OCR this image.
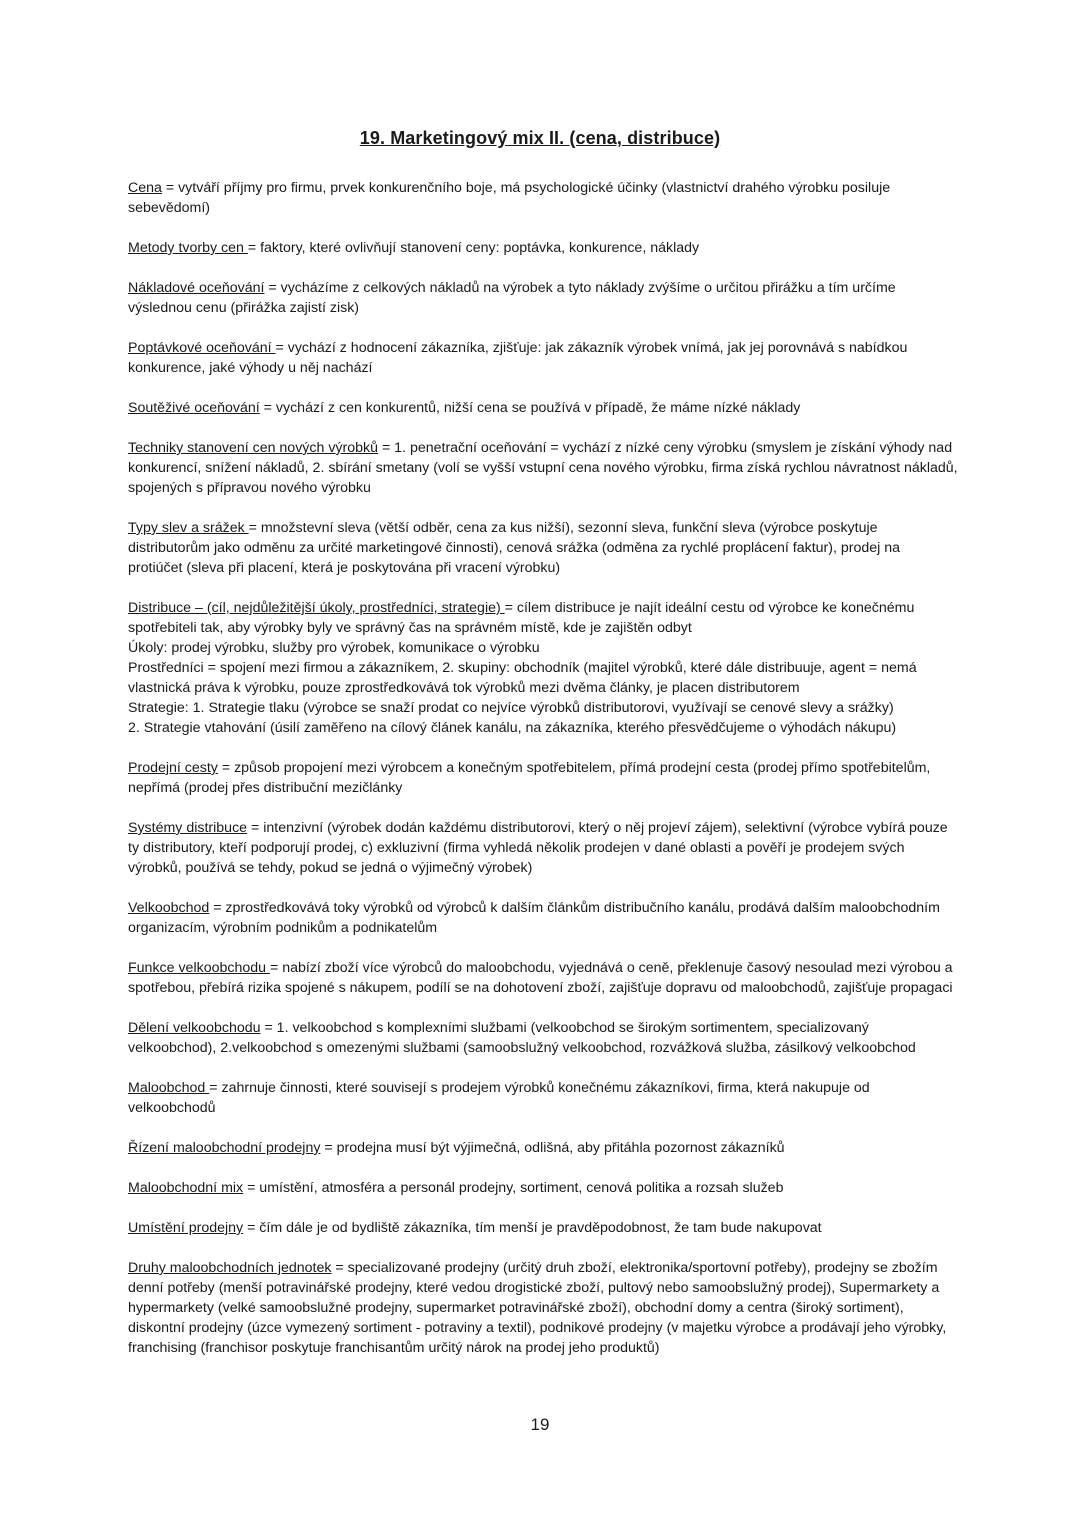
19. Marketingový mix II. (cena, distribuce)

Cena = vytváří příjmy pro firmu, prvek konkurenčního boje, má psychologické účinky (vlastnictví drahého výrobku posiluje sebevědomí)

Metody tvorby cen = faktory, které ovlivňují stanovení ceny: poptávka, konkurence, náklady

Nákladové oceňování = vycházíme z celkových nákladů na výrobek a tyto náklady zvýšíme o určitou přirážku a tím určíme výslednou cenu (přirážka zajistí zisk)

Poptávkové oceňování = vychází z hodnocení zákazníka, zjišťuje: jak zákazník výrobek vnímá, jak jej porovnává s nabídkou konkurence, jaké výhody u něj nachází

Soutěživé oceňování = vychází z cen konkurentů, nižší cena se používá v případě, že máme nízké náklady

Techniky stanovení cen nových výrobků = 1. penetrační oceňování = vychází z nízké ceny výrobku (smyslem je získání výhody nad konkurencí, snížení nákladů, 2. sbírání smetany (volí se vyšší vstupní cena nového výrobku, firma získá rychlou návratnost nákladů, spojených s přípravou nového výrobku

Typy slev a srážek = množstevní sleva (větší odběr, cena za kus nižší), sezonní sleva, funkční sleva (výrobce poskytuje distributorům jako odměnu za určité marketingové činnosti), cenová srážka (odměna za rychlé proplácení faktur), prodej na protiúčet (sleva při placení, která je poskytována při vracení výrobku)

Distribuce – (cíl, nejdůležitější úkoly, prostředníci, strategie) = cílem distribuce je najít ideální cestu od výrobce ke konečnému spotřebiteli tak, aby výrobky byly ve správný čas na správném místě, kde je zajištěn odbyt
Úkoly: prodej výrobku, služby pro výrobek, komunikace o výrobku
Prostředníci = spojení mezi firmou a zákazníkem, 2. skupiny: obchodník (majitel výrobků, které dále distribuuje, agent = nemá vlastnická práva k výrobku, pouze zprostředkovává tok výrobků mezi dvěma články, je placen distributorem
Strategie: 1. Strategie tlaku (výrobce se snaží prodat co nejvíce výrobků distributorovi, využívají se cenové slevy a srážky)
2. Strategie vtahování (úsilí zaměřeno na cílový článek kanálu, na zákazníka, kterého přesvědčujeme o výhodách nákupu)

Prodejní cesty = způsob propojení mezi výrobcem a konečným spotřebitelem, přímá prodejní cesta (prodej přímo spotřebitelům, nepřímá (prodej přes distribuční mezičlánky

Systémy distribuce = intenzivní (výrobek dodán každému distributorovi, který o něj projeví zájem), selektivní (výrobce vybírá pouze ty distributory, kteří podporují prodej, c) exkluzivní (firma vyhledá několik prodejen v dané oblasti a pověří je prodejem svých výrobků, používá se tehdy, pokud se jedná o výjimečný výrobek)

Velkoobchod = zprostředkovává toky výrobků od výrobců k dalším článkům distribučního kanálu, prodává dalším maloobchodním organizacím, výrobním podnikům a podnikatelům

Funkce velkoobchodu = nabízí zboží více výrobců do maloobchodu, vyjednává o ceně, překlenuje časový nesoulad mezi výrobou a spotřebou, přebírá rizika spojené s nákupem, podílí se na dohotovení zboží, zajišťuje dopravu od maloobchodů, zajišťuje propagaci

Dělení velkoobchodu = 1. velkoobchod s komplexními službami (velkoobchod se širokým sortimentem, specializovaný velkoobchod), 2.velkoobchod s omezenými službami (samoobslužný velkoobchod, rozvážková služba, zásilkový velkoobchod

Maloobchod = zahrnuje činnosti, které souvisejí s prodejem výrobků konečnému zákazníkovi, firma, která nakupuje od velkoobchodů

Řízení maloobchodní prodejny = prodejna musí být výjimečná, odlišná, aby přitáhla pozornost zákazníků

Maloobchodní mix = umístění, atmosféra a personál prodejny, sortiment, cenová politika a rozsah služeb

Umístění prodejny = čím dále je od bydliště zákazníka, tím menší je pravděpodobnost, že tam bude nakupovat

Druhy maloobchodních jednotek = specializované prodejny (určitý druh zboží, elektronika/sportovní potřeby), prodejny se zbožím denní potřeby (menší potravinářské prodejny, které vedou drogistické zboží, pultový nebo samoobslužný prodej), Supermarkety a hypermarkety (velké samoobslužné prodejny, supermarket potravinářské zboží), obchodní domy a centra (široký sortiment), diskontní prodejny (úzce vymezený sortiment - potraviny a textil), podnikové prodejny (v majetku výrobce a prodávají jeho výrobky, franchising (franchisor poskytuje franchisantům určitý nárok na prodej jeho produktů)

19
